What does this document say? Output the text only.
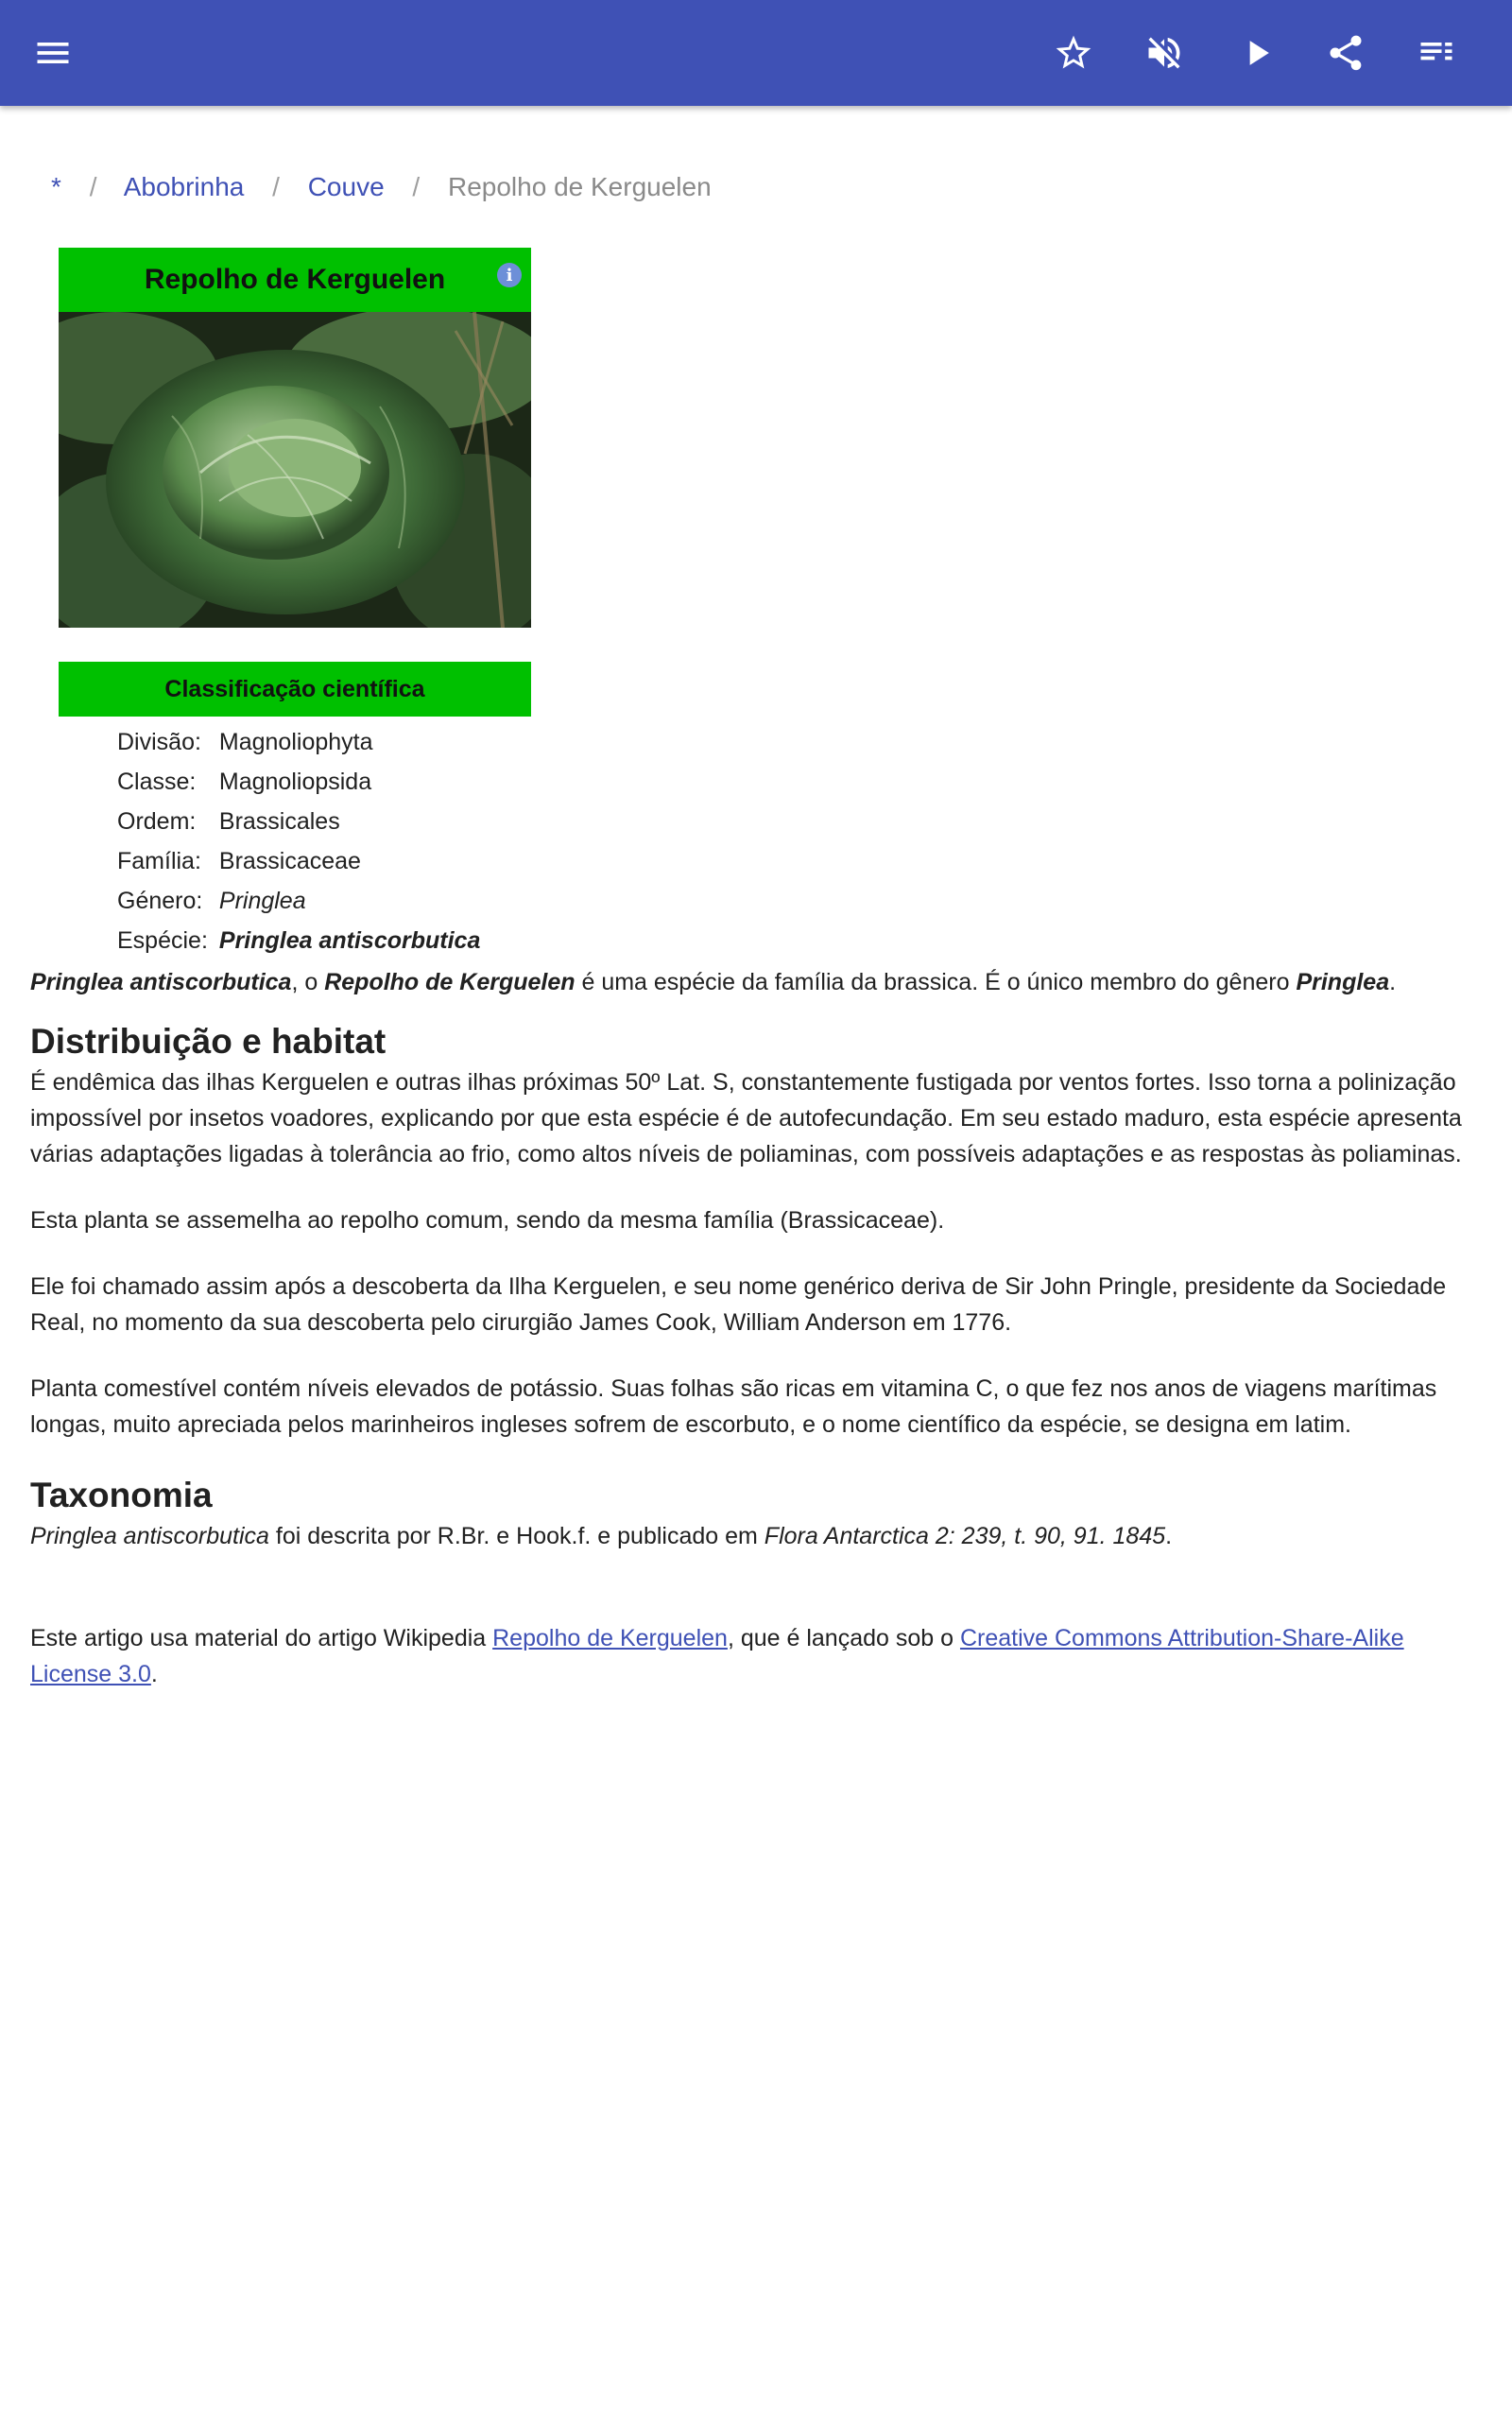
* / Abobrinha / Couve / Repolho de Kerguelen
Repolho de Kerguelen	i
Classificação científica
Divisão:	Magnoliophyta
Classe:	Magnoliopsida
Ordem:	Brassicales
Família:	Brassicaceae
Género:	Pringlea
Espécie:	Pringlea antiscorbutica

Pringlea antiscorbutica, o Repolho de Kerguelen é uma espécie da família da brassica. É o único membro do gênero Pringlea.

Distribuição e habitat

É endêmica das ilhas Kerguelen e outras ilhas próximas 50º Lat. S, constantemente fustigada por ventos fortes. Isso torna a polinização impossível por insetos voadores, explicando por que esta espécie é de autofecundação. Em seu estado maduro, esta espécie apresenta várias adaptações ligadas à tolerância ao frio, como altos níveis de poliaminas, com possíveis adaptações e as respostas às poliaminas.

Esta planta se assemelha ao repolho comum, sendo da mesma família (Brassicaceae).

Ele foi chamado assim após a descoberta da Ilha Kerguelen, e seu nome genérico deriva de Sir John Pringle, presidente da Sociedade Real, no momento da sua descoberta pelo cirurgião James Cook, William Anderson em 1776.

Planta comestível contém níveis elevados de potássio. Suas folhas são ricas em vitamina C, o que fez nos anos de viagens marítimas longas, muito apreciada pelos marinheiros ingleses sofrem de escorbuto, e o nome científico da espécie, se designa em latim.

Taxonomia

Pringlea antiscorbutica foi descrita por R.Br. e Hook.f. e publicado em Flora Antarctica 2: 239, t. 90, 91. 1845.

Este artigo usa material do artigo Wikipedia Repolho de Kerguelen, que é lançado sob o Creative Commons Attribution-Share-Alike License 3.0.
